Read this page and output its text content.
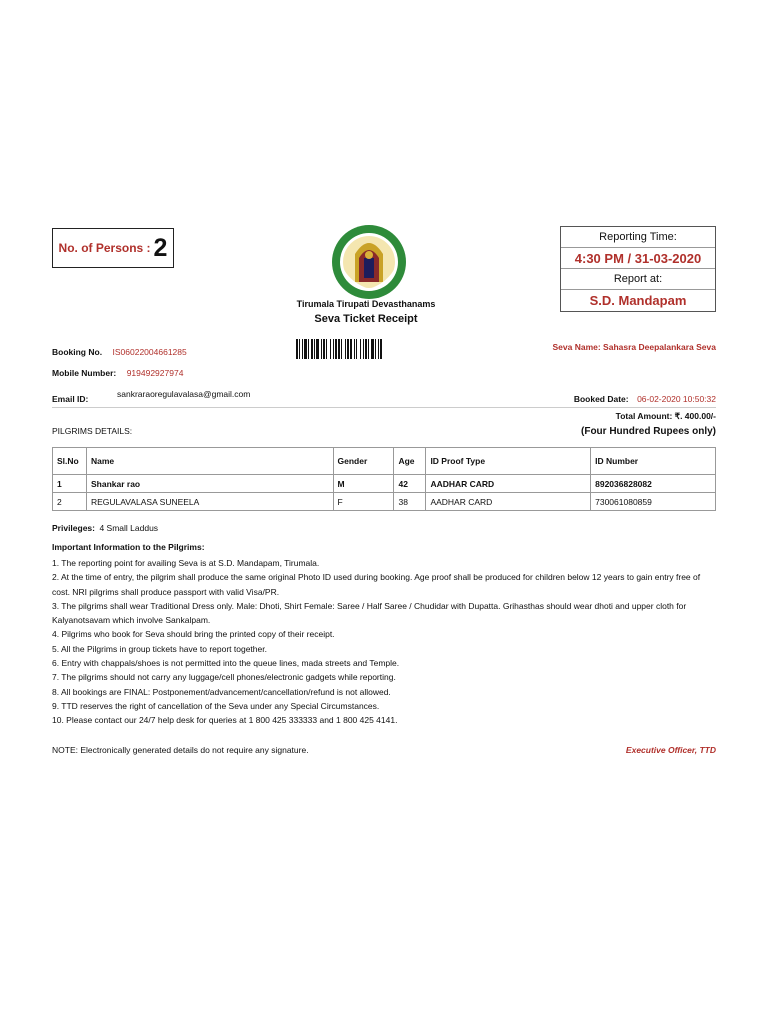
No. of Persons : 2
Tirumala Tirupati Devasthanams
Seva Ticket Receipt
Reporting Time:
4:30 PM / 31-03-2020
Report at:
S.D. Mandapam
Booking No. IS06022004661285
Mobile Number: 919492927974
Email ID:	sankraraoregulavalasa@gmail.com
Seva Name: Sahasra Deepalankara Seva
Booked Date: 06-02-2020 10:50:32
Total Amount: ₹. 400.00/-
(Four Hundred Rupees only)
PILGRIMS DETAILS:
Sl.No	Name	Gender	Age	ID Proof Type	ID Number
1	Shankar rao	M	42	AADHAR CARD	892036828082
2	REGULAVALASA SUNEELA	F	38	AADHAR CARD	730061080859
Privileges: 4 Small Laddus
Important Information to the Pilgrims:
1. The reporting point for availing Seva is at S.D. Mandapam, Tirumala.
2. At the time of entry, the pilgrim shall produce the same original Photo ID used during booking. Age proof shall be produced for children below 12 years to gain entry free of cost. NRI pilgrims shall produce passport with valid Visa/PR.
3. The pilgrims shall wear Traditional Dress only. Male: Dhoti, Shirt Female: Saree / Half Saree / Chudidar with Dupatta. Grihasthas should wear dhoti and upper cloth for Kalyanotsavam which involve Sankalpam.
4. Pilgrims who book for Seva should bring the printed copy of their receipt.
5. All the Pilgrims in group tickets have to report together.
6. Entry with chappals/shoes is not permitted into the queue lines, mada streets and Temple.
7. The pilgrims should not carry any luggage/cell phones/electronic gadgets while reporting.
8. All bookings are FINAL: Postponement/advancement/cancellation/refund is not allowed.
9. TTD reserves the right of cancellation of the Seva under any Special Circumstances.
10. Please contact our 24/7 help desk for queries at 1 800 425 333333 and 1 800 425 4141.
NOTE: Electronically generated details do not require any signature.	Executive Officer, TTD
